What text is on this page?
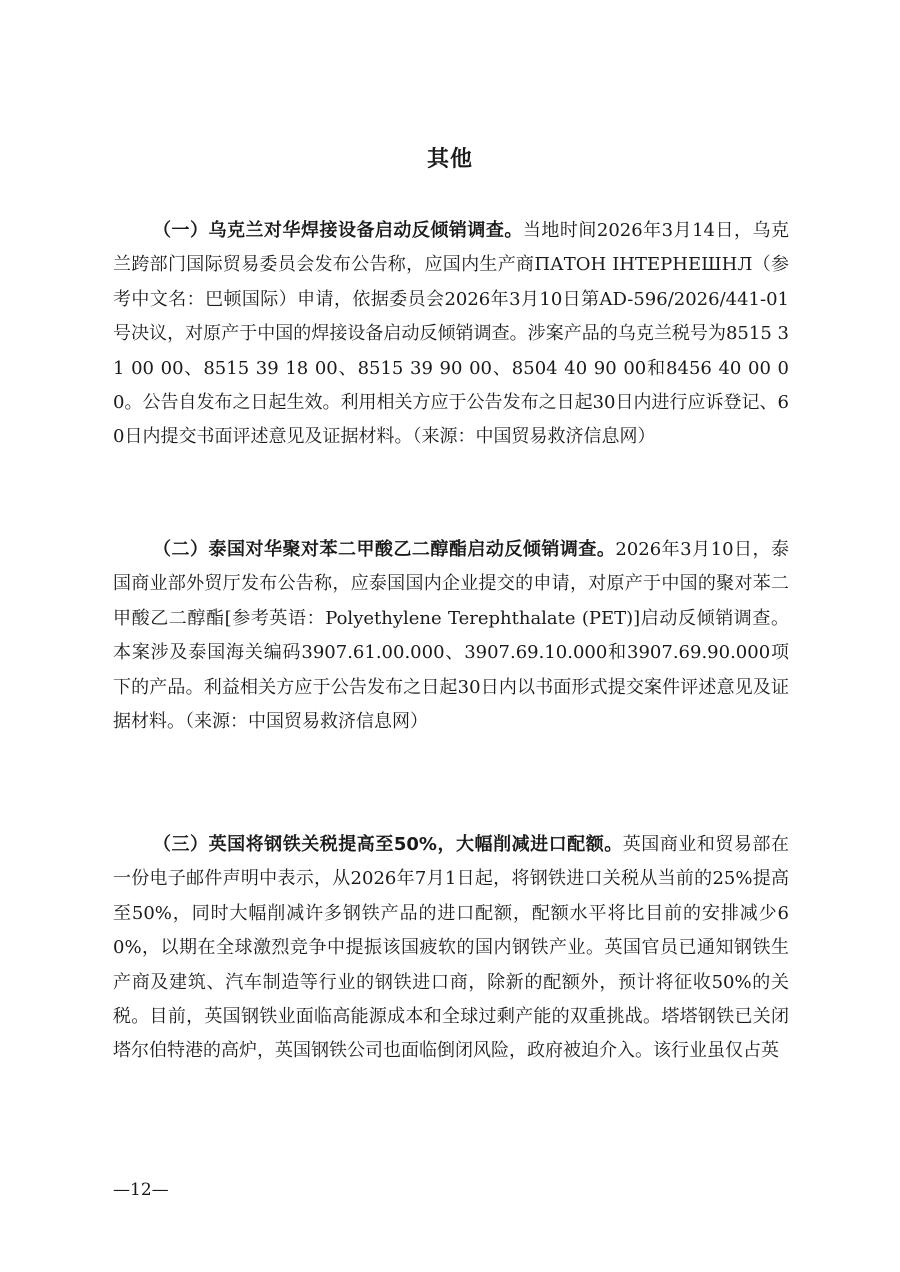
其他

（一）乌克兰对华焊接设备启动反倾销调查。当地时间2026年3月14日，乌克兰跨部门国际贸易委员会发布公告称，应国内生产商ПАТОН ІНТЕРНЕШНЛ（参考中文名：巴顿国际）申请，依据委员会2026年3月10日第AD-596/2026/441-01号决议，对原产于中国的焊接设备启动反倾销调查。涉案产品的乌克兰税号为8515 31 00 00、8515 39 18 00、8515 39 90 00、8504 40 90 00和8456 40 00 00。公告自发布之日起生效。利用相关方应于公告发布之日起30日内进行应诉登记、60日内提交书面评述意见及证据材料。（来源：中国贸易救济信息网）

（二）泰国对华聚对苯二甲酸乙二醇酯启动反倾销调查。2026年3月10日，泰国商业部外贸厅发布公告称，应泰国国内企业提交的申请，对原产于中国的聚对苯二甲酸乙二醇酯[参考英语：Polyethylene Terephthalate (PET)]启动反倾销调查。本案涉及泰国海关编码3907.61.00.000、3907.69.10.000和3907.69.90.000项下的产品。利益相关方应于公告发布之日起30日内以书面形式提交案件评述意见及证据材料。（来源：中国贸易救济信息网）

（三）英国将钢铁关税提高至50%，大幅削减进口配额。英国商业和贸易部在一份电子邮件声明中表示，从2026年7月1日起，将钢铁进口关税从当前的25%提高至50%，同时大幅削减许多钢铁产品的进口配额，配额水平将比目前的安排减少60%，以期在全球激烈竞争中提振该国疲软的国内钢铁产业。英国官员已通知钢铁生产商及建筑、汽车制造等行业的钢铁进口商，除新的配额外，预计将征收50%的关税。目前，英国钢铁业面临高能源成本和全球过剩产能的双重挑战。塔塔钢铁已关闭塔尔伯特港的高炉，英国钢铁公司也面临倒闭风险，政府被迫介入。该行业虽仅占英

—12—
